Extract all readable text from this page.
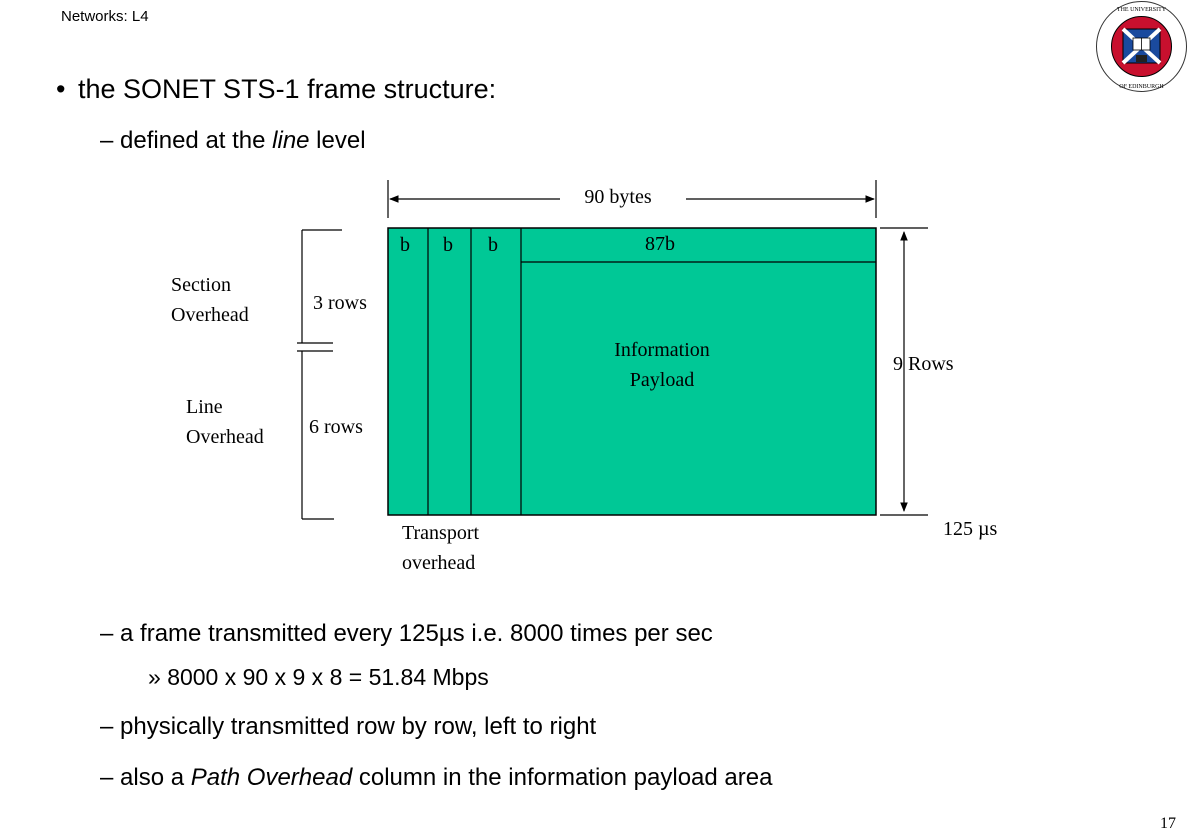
Networks: L4	THE UNIVERSITY
OF EDINBURGH
• the SONET STS-1 frame structure:
– defined at the line level
– a frame transmitted every 125µs i.e. 8000 times per sec
» 8000 x 90 x 9 x 8 = 51.84 Mbps
– physically transmitted row by row, left to right
– also a Path Overhead column in the information payload area
17
90 bytes
b b b	87b
Information
Payload
9 Rows
125 µs
Section
Overhead
Line
Overhead
3 rows
6 rows
Transport
overhead
